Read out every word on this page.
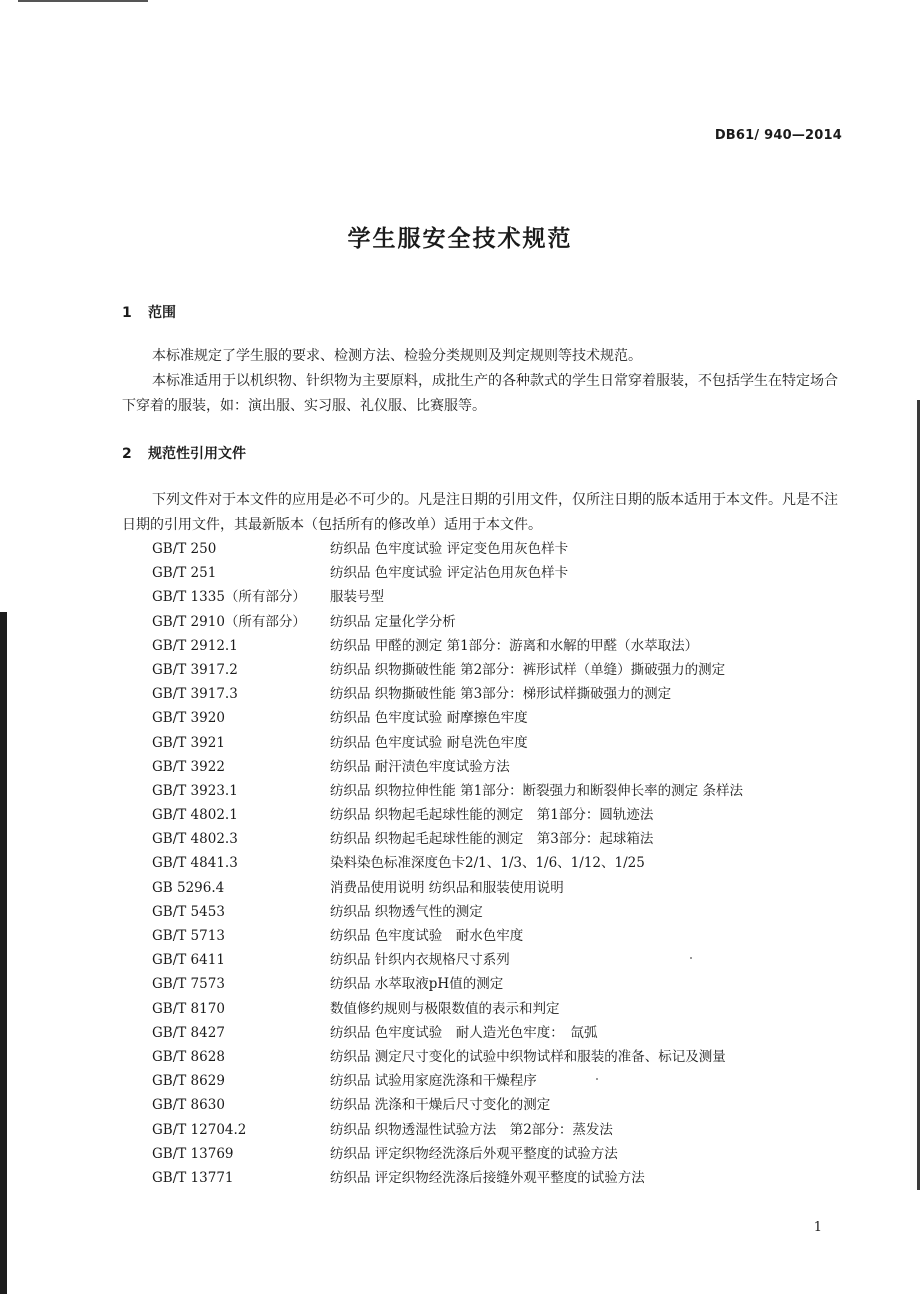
DB61/ 940—2014
学生服安全技术规范
1 范围
本标准规定了学生服的要求、检测方法、检验分类规则及判定规则等技术规范。
本标准适用于以机织物、针织物为主要原料，成批生产的各种款式的学生日常穿着服装，不包括学生在特定场合下穿着的服装，如：演出服、实习服、礼仪服、比赛服等。
2 规范性引用文件
下列文件对于本文件的应用是必不可少的。凡是注日期的引用文件，仅所注日期的版本适用于本文件。凡是不注日期的引用文件，其最新版本（包括所有的修改单）适用于本文件。
GB/T 250	纺织品 色牢度试验 评定变色用灰色样卡
GB/T 251	纺织品 色牢度试验 评定沾色用灰色样卡
GB/T 1335（所有部分） 服装号型
GB/T 2910（所有部分） 纺织品 定量化学分析
GB/T 2912.1	纺织品 甲醛的测定 第1部分：游离和水解的甲醛（水萃取法）
GB/T 3917.2	纺织品 织物撕破性能 第2部分：裤形试样（单缝）撕破强力的测定
GB/T 3917.3	纺织品 织物撕破性能 第3部分：梯形试样撕破强力的测定
GB/T 3920	纺织品 色牢度试验 耐摩擦色牢度
GB/T 3921	纺织品 色牢度试验 耐皂洗色牢度
GB/T 3922	纺织品 耐汗渍色牢度试验方法
GB/T 3923.1	纺织品 织物拉伸性能 第1部分：断裂强力和断裂伸长率的测定 条样法
GB/T 4802.1	纺织品 织物起毛起球性能的测定　第1部分：圆轨迹法
GB/T 4802.3	纺织品 织物起毛起球性能的测定　第3部分：起球箱法
GB/T 4841.3	染料染色标准深度色卡2/1、1/3、1/6、1/12、1/25
GB 5296.4	消费品使用说明 纺织品和服装使用说明
GB/T 5453	纺织品 织物透气性的测定
GB/T 5713	纺织品 色牢度试验　耐水色牢度
GB/T 6411	纺织品 针织内衣规格尺寸系列
GB/T 7573	纺织品 水萃取液pH值的测定
GB/T 8170	数值修约规则与极限数值的表示和判定
GB/T 8427	纺织品 色牢度试验　耐人造光色牢度：　氙弧
GB/T 8628	纺织品 测定尺寸变化的试验中织物试样和服装的准备、标记及测量
GB/T 8629	纺织品 试验用家庭洗涤和干燥程序
GB/T 8630	纺织品 洗涤和干燥后尺寸变化的测定
GB/T 12704.2	纺织品 织物透湿性试验方法　第2部分：蒸发法
GB/T 13769	纺织品 评定织物经洗涤后外观平整度的试验方法
GB/T 13771	纺织品 评定织物经洗涤后接缝外观平整度的试验方法
1
